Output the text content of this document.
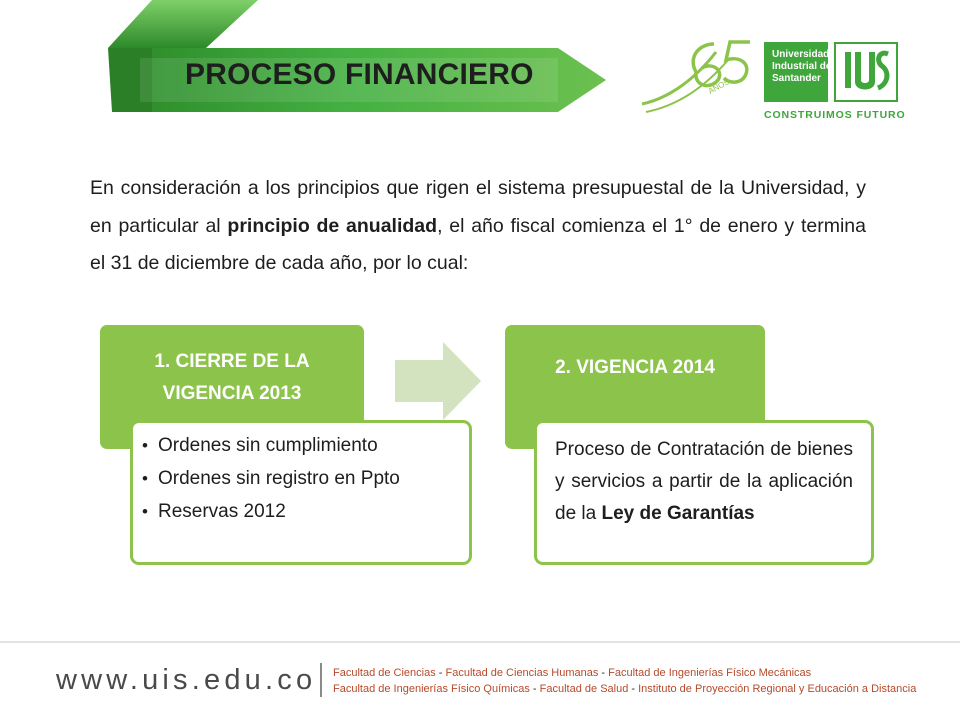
PROCESO FINANCIERO	AÑOS
Universidad
Industrial de
Santander
CONSTRUIMOS FUTURO
En consideración a los principios que rigen el sistema presupuestal de la Universidad, y en particular al principio de anualidad, el año fiscal comienza el 1° de enero y termina el 31 de diciembre de cada año, por lo cual:
1. CIERRE DE LA
VIGENCIA 2013
• Ordenes sin cumplimiento
• Ordenes sin registro en Ppto
• Reservas 2012
2. VIGENCIA 2014
Proceso de Contratación de bienes y servicios a partir de la aplicación de la Ley de Garantías
www.uis.edu.co Facultad de Ciencias - Facultad de Ciencias Humanas - Facultad de Ingenierías Físico Mecánicas
Facultad de Ingenierías Físico Químicas - Facultad de Salud - Instituto de Proyección Regional y Educación a Distancia
